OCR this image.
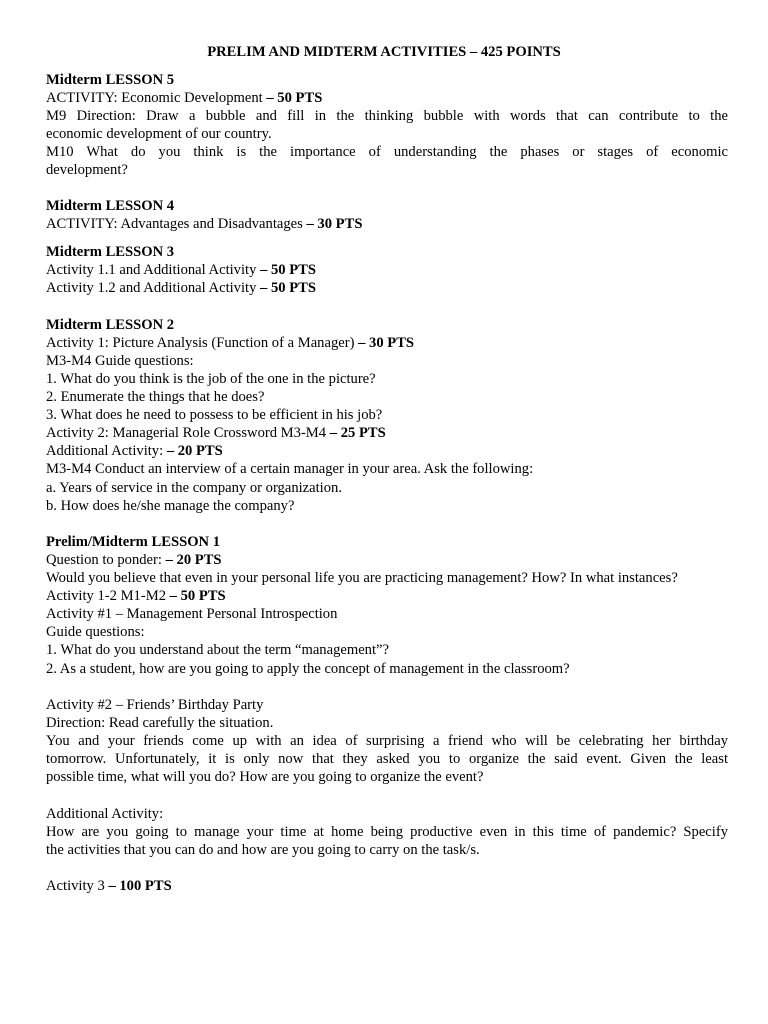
PRELIM AND MIDTERM ACTIVITIES – 425 POINTS
Midterm LESSON 5
ACTIVITY: Economic Development – 50 PTS
M9 Direction: Draw a bubble and fill in the thinking bubble with words that can contribute to the
economic development of our country.
M10 What do you think is the importance of understanding the phases or stages of economic
development?
Midterm LESSON 4
ACTIVITY: Advantages and Disadvantages – 30 PTS
Midterm LESSON 3
Activity 1.1 and Additional Activity – 50 PTS
Activity 1.2 and Additional Activity – 50 PTS
Midterm LESSON 2
Activity 1: Picture Analysis (Function of a Manager) – 30 PTS
M3-M4 Guide questions:
1. What do you think is the job of the one in the picture?
2. Enumerate the things that he does?
3. What does he need to possess to be efficient in his job?
Activity 2: Managerial Role Crossword M3-M4 – 25 PTS
Additional Activity: – 20 PTS
M3-M4 Conduct an interview of a certain manager in your area. Ask the following:
a. Years of service in the company or organization.
b. How does he/she manage the company?
Prelim/Midterm LESSON 1
Question to ponder: – 20 PTS
Would you believe that even in your personal life you are practicing management? How? In what instances?
Activity 1-2 M1-M2 – 50 PTS
Activity #1 – Management Personal Introspection
Guide questions:
1. What do you understand about the term “management”?
2. As a student, how are you going to apply the concept of management in the classroom?
Activity #2 – Friends’ Birthday Party
Direction: Read carefully the situation.
You and your friends come up with an idea of surprising a friend who will be celebrating her birthday
tomorrow. Unfortunately, it is only now that they asked you to organize the said event. Given the least
possible time, what will you do? How are you going to organize the event?
Additional Activity:
How are you going to manage your time at home being productive even in this time of pandemic? Specify
the activities that you can do and how are you going to carry on the task/s.
Activity 3 – 100 PTS
